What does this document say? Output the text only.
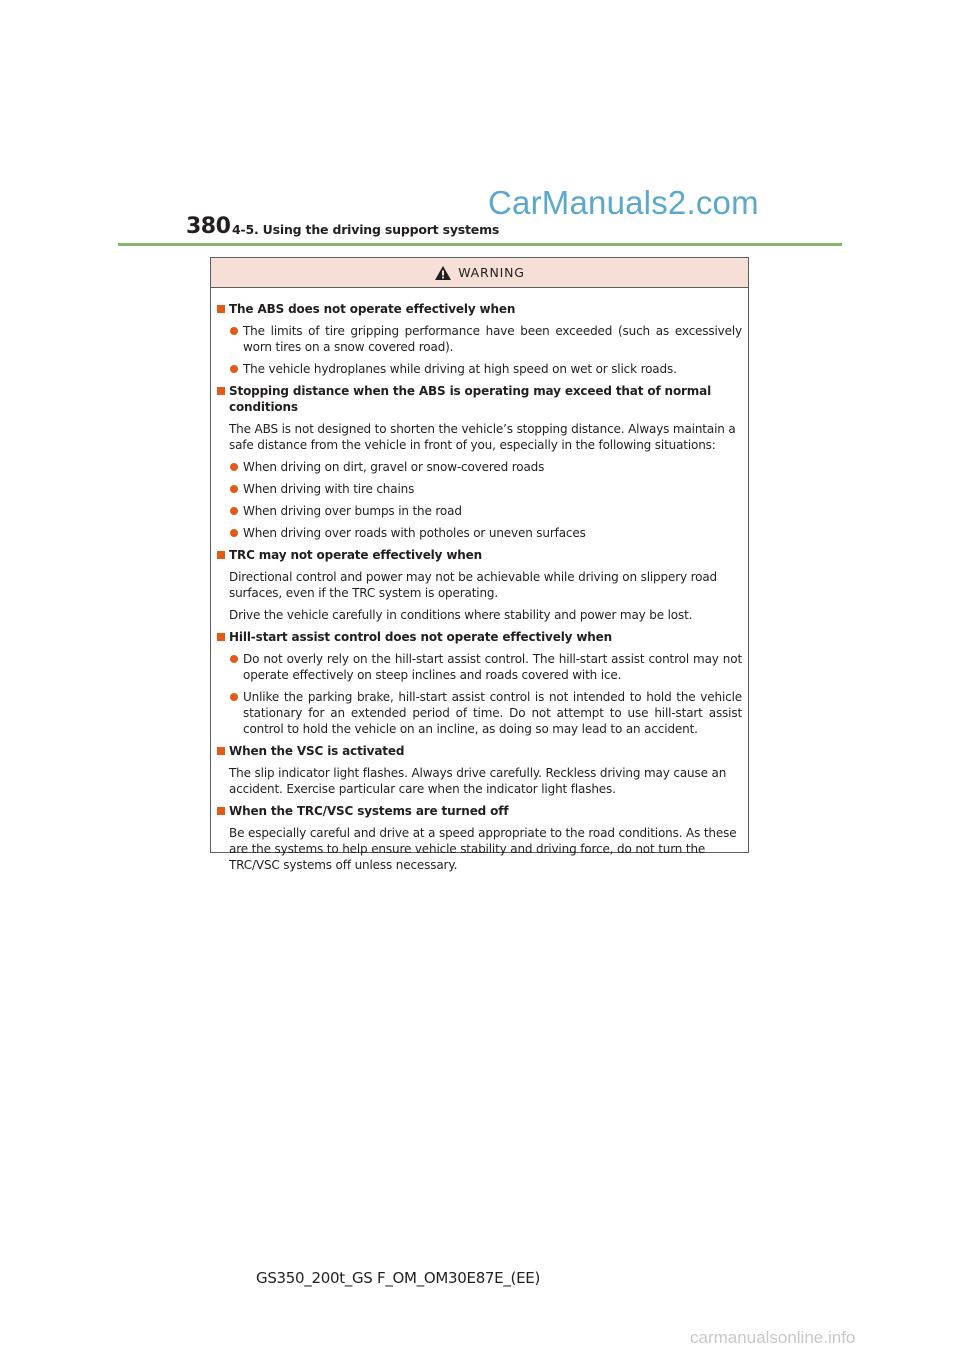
CarManuals2.com
380 4-5. Using the driving support systems
WARNING
The ABS does not operate effectively when
The limits of tire gripping performance have been exceeded (such as excessively worn tires on a snow covered road).
The vehicle hydroplanes while driving at high speed on wet or slick roads.
Stopping distance when the ABS is operating may exceed that of normal conditions
The ABS is not designed to shorten the vehicle’s stopping distance. Always maintain a safe distance from the vehicle in front of you, especially in the following situations:
When driving on dirt, gravel or snow-covered roads
When driving with tire chains
When driving over bumps in the road
When driving over roads with potholes or uneven surfaces
TRC may not operate effectively when
Directional control and power may not be achievable while driving on slippery road surfaces, even if the TRC system is operating.
Drive the vehicle carefully in conditions where stability and power may be lost.
Hill-start assist control does not operate effectively when
Do not overly rely on the hill-start assist control. The hill-start assist control may not operate effectively on steep inclines and roads covered with ice.
Unlike the parking brake, hill-start assist control is not intended to hold the vehicle stationary for an extended period of time. Do not attempt to use hill-start assist control to hold the vehicle on an incline, as doing so may lead to an accident.
When the VSC is activated
The slip indicator light flashes. Always drive carefully. Reckless driving may cause an accident. Exercise particular care when the indicator light flashes.
When the TRC/VSC systems are turned off
Be especially careful and drive at a speed appropriate to the road conditions. As these are the systems to help ensure vehicle stability and driving force, do not turn the TRC/VSC systems off unless necessary.
GS350_200t_GS F_OM_OM30E87E_(EE)
carmanualsonline.info
